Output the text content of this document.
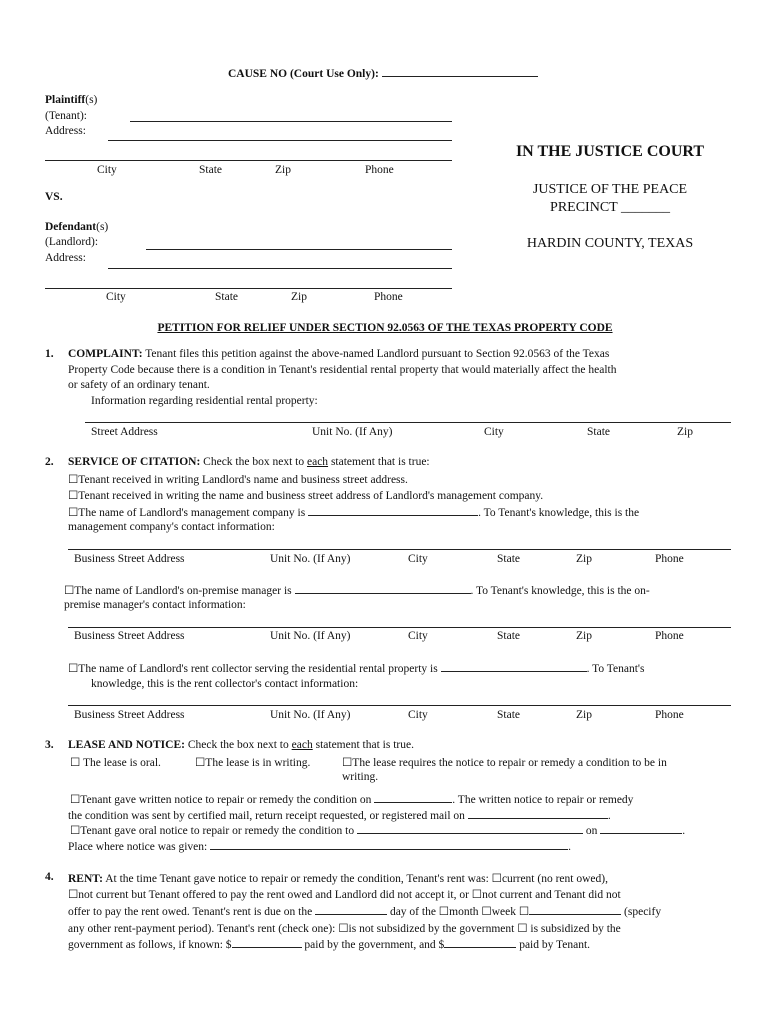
CAUSE NO (Court Use Only):
Plaintiff(s)
(Tenant):
Address:
City	State	Zip	Phone
VS.
Defendant(s)
(Landlord):
Address:
City	State	Zip	Phone
IN THE JUSTICE COURT
JUSTICE OF THE PEACE
PRECINCT _______
HARDIN COUNTY, TEXAS
PETITION FOR RELIEF UNDER SECTION 92.0563 OF THE TEXAS PROPERTY CODE
1. COMPLAINT: Tenant files this petition against the above-named Landlord pursuant to Section 92.0563 of the Texas
Property Code because there is a condition in Tenant's residential rental property that would materially affect the health
or safety of an ordinary tenant.
Information regarding residential rental property:
Street Address	Unit No. (If Any)	City	State	Zip
2. SERVICE OF CITATION: Check the box next to each statement that is true:
☐Tenant received in writing Landlord's name and business street address.
☐Tenant received in writing the name and business street address of Landlord's management company.
☐The name of Landlord's management company is	. To Tenant's knowledge, this is the
management company's contact information:
Business Street Address	Unit No. (If Any)	City	State	Zip	Phone
☐The name of Landlord's on-premise manager is	. To Tenant's knowledge, this is the on-
premise manager's contact information:
Business Street Address	Unit No. (If Any)	City	State	Zip	Phone
☐The name of Landlord's rent collector serving the residential rental property is	. To Tenant's
knowledge, this is the rent collector's contact information:
Business Street Address	Unit No. (If Any)	City	State	Zip	Phone
3. LEASE AND NOTICE: Check the box next to each statement that is true.
☐ The lease is oral.	☐The lease is in writing.	☐The lease requires the notice to repair or remedy a condition to be in
writing.
☐Tenant gave written notice to repair or remedy the condition on	. The written notice to repair or remedy
the condition was sent by certified mail, return receipt requested, or registered mail on	.
☐Tenant gave oral notice to repair or remedy the condition to	on	.
Place where notice was given:	.
4. RENT: At the time Tenant gave notice to repair or remedy the condition, Tenant's rent was: ☐current (no rent owed),
☐not current but Tenant offered to pay the rent owed and Landlord did not accept it, or ☐not current and Tenant did not
offer to pay the rent owed. Tenant's rent is due on the	day of the ☐month ☐week ☐	(specify
any other rent-payment period). Tenant's rent (check one): ☐is not subsidized by the government ☐ is subsidized by the
government as follows, if known: $	paid by the government, and $	paid by Tenant.
